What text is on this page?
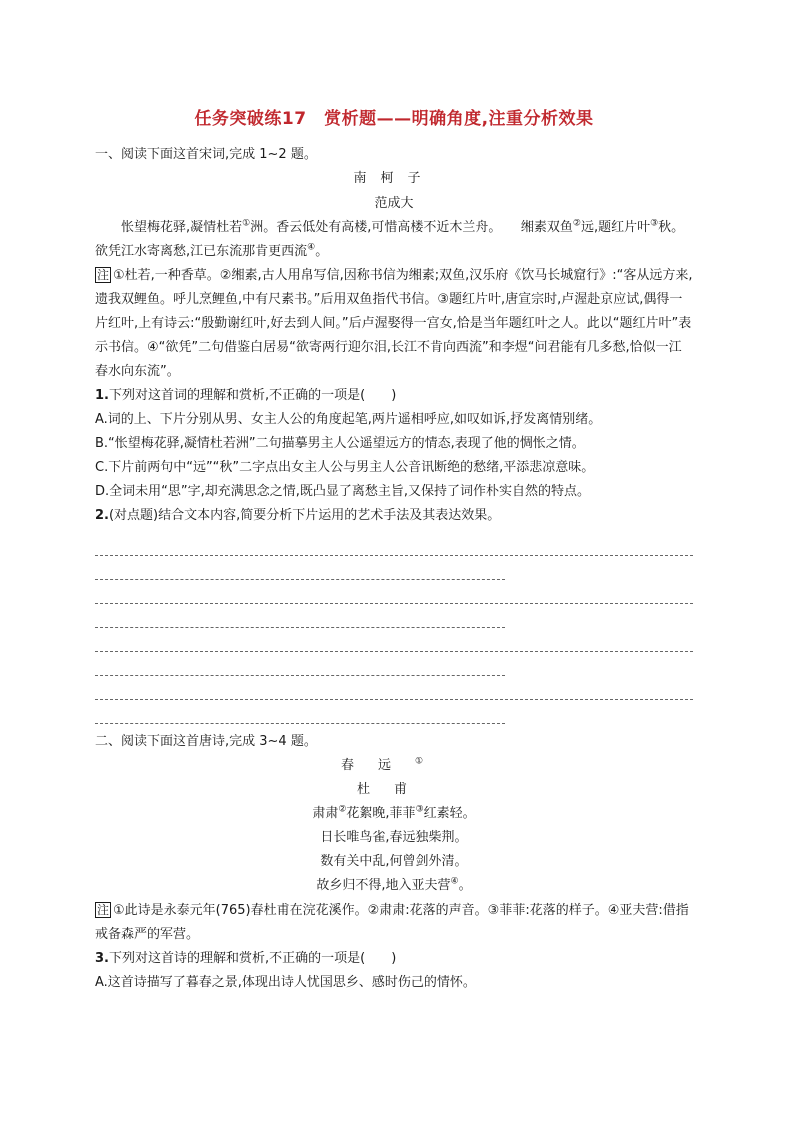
任务突破练17　赏析题——明确角度,注重分析效果
一、阅读下面这首宋词,完成 1~2 题。
南柯子
范成大
怅望梅花驿,凝情杜若①洲。香云低处有高楼,可惜高楼不近木兰舟。　　缃素双鱼②远,题红片叶③秋。欲凭江水寄离愁,江已东流那肯更西流④。
注 ①杜若,一种香草。②缃素,古人用帛写信,因称书信为缃素;双鱼,汉乐府《饮马长城窟行》:“客从远方来,遗我双鲤鱼。呼儿烹鲤鱼,中有尺素书。”后用双鱼指代书信。③题红片叶,唐宣宗时,卢渥赴京应试,偶得一片红叶,上有诗云:“殷勤谢红叶,好去到人间。”后卢渥娶得一宫女,恰是当年题红叶之人。此以“题红片叶”表示书信。④“欲凭”二句借鉴白居易“欲寄两行迎尔泪,长江不肯向西流”和李煜“问君能有几多愁,恰似一江春水向东流”。
1.下列对这首词的理解和赏析,不正确的一项是(　　)
A.词的上、下片分别从男、女主人公的角度起笔,两片遥相呼应,如叹如诉,抒发离情别绪。
B.“怅望梅花驿,凝情杜若洲”二句描摹男主人公遥望远方的情态,表现了他的惆怅之情。
C.下片前两句中“远”“秋”二字点出女主人公与男主人公音讯断绝的愁绪,平添悲凉意味。
D.全词未用“思”字,却充满思念之情,既凸显了离愁主旨,又保持了词作朴实自然的特点。
2.(对点题)结合文本内容,简要分析下片运用的艺术手法及其表达效果。
二、阅读下面这首唐诗,完成 3~4 题。
春远①
杜甫
肃肃②花絮晚,菲菲③红素轻。
日长唯鸟雀,春远独柴荆。
数有关中乱,何曾剑外清。
故乡归不得,地入亚夫营④。
注 ①此诗是永泰元年(765)春杜甫在浣花溪作。②肃肃:花落的声音。③菲菲:花落的样子。④亚夫营:借指戒备森严的军营。
3.下列对这首诗的理解和赏析,不正确的一项是(　　)
A.这首诗描写了暮春之景,体现出诗人忧国思乡、感时伤己的情怀。
